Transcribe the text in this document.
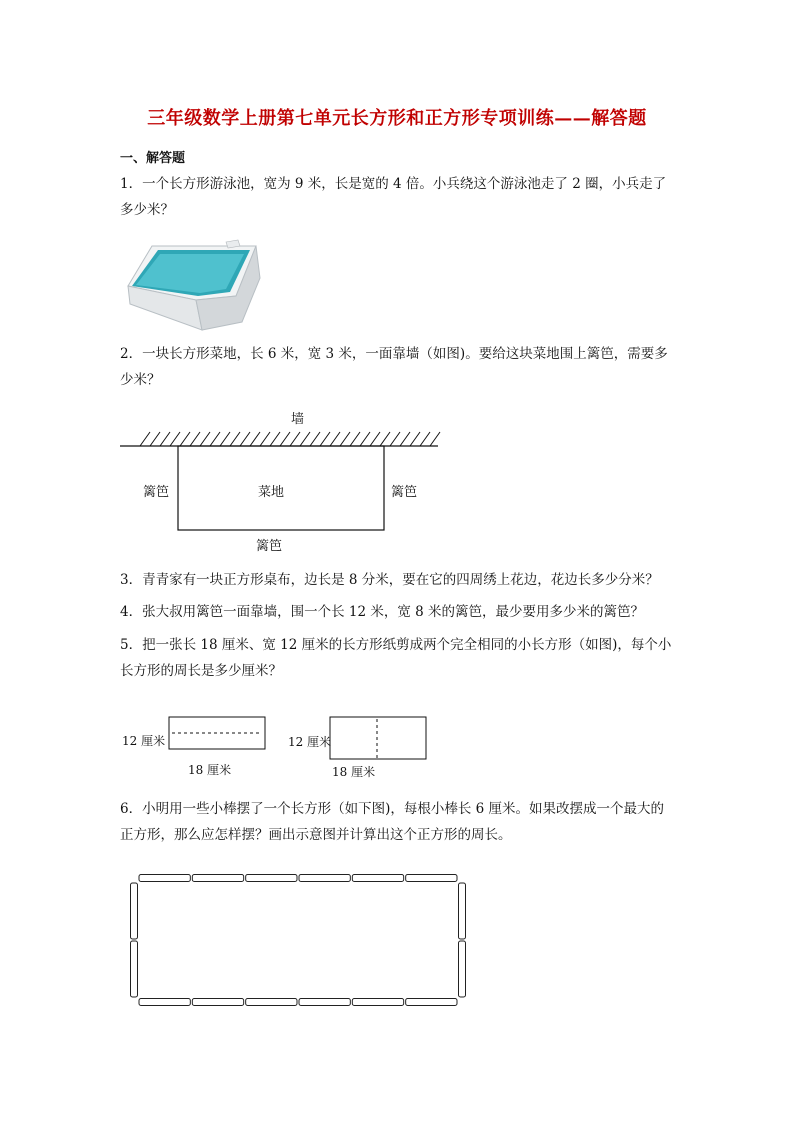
三年级数学上册第七单元长方形和正方形专项训练——解答题
一、解答题
1．一个长方形游泳池，宽为 9 米，长是宽的 4 倍。小兵绕这个游泳池走了 2 圈，小兵走了多少米？
2．一块长方形菜地，长 6 米，宽 3 米，一面靠墙（如图)。要给这块菜地围上篱笆，需要多少米？
墙
菜地
篱笆	篱笆
篱笆
3．青青家有一块正方形桌布，边长是 8 分米，要在它的四周绣上花边，花边长多少分米？
4．张大叔用篱笆一面靠墙，围一个长 12 米，宽 8 米的篱笆，最少要用多少米的篱笆？
5．把一张长 18 厘米、宽 12 厘米的长方形纸剪成两个完全相同的小长方形（如图)，每个小长方形的周长是多少厘米？
12 厘米
18 厘米
12 厘米
18 厘米
6．小明用一些小棒摆了一个长方形（如下图)，每根小棒长 6 厘米。如果改摆成一个最大的正方形，那么应怎样摆？画出示意图并计算出这个正方形的周长。
